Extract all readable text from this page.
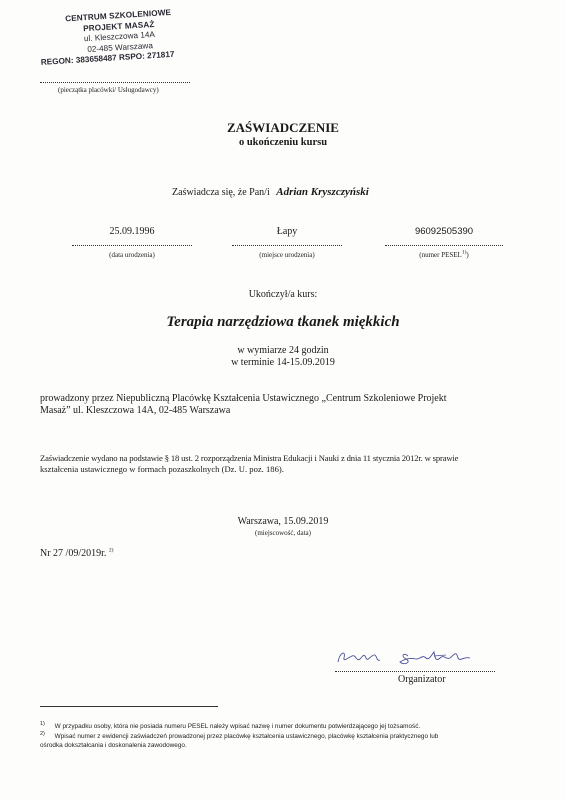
CENTRUM SZKOLENIOWE
PROJEKT MASAŻ
ul. Kleszczowa 14A
02-485 Warszawa
REGON: 383658487 RSPO: 271817
(pieczątka placówki/ Usługodawcy)
ZAŚWIADCZENIE
o ukończeniu kursu
Zaświadcza się, że Pan/i Adrian Kryszczyński
25.09.1996	Łapy	96092505390
(data urodzenia)	(miejsce urodzenia)	(numer PESEL$^{1)}$)
Ukończył/a kurs:
Terapia narzędziowa tkanek miękkich
w wymiarze 24 godzin
w terminie 14-15.09.2019
prowadzony przez Niepubliczną Placówkę Kształcenia Ustawicznego „Centrum Szkoleniowe Projekt
Masaż” ul. Kleszczowa 14A, 02-485 Warszawa
Zaświadczenie wydano na podstawie § 18 ust. 2 rozporządzenia Ministra Edukacji i Nauki z dnia 11 stycznia 2012r. w sprawie
kształcenia ustawicznego w formach pozaszkolnych (Dz. U. poz. 186).
Warszawa, 15.09.2019
(miejscowość, data)
Nr 27 /09/2019r. $^{2)}$
Organizator
$^{1)}$ W przypadku osoby, która nie posiada numeru PESEL należy wpisać nazwę i numer dokumentu potwierdzającego jej tożsamość.
$^{2)}$ Wpisać numer z ewidencji zaświadczeń prowadzonej przez placówkę kształcenia ustawicznego, placówkę kształcenia praktycznego lub
ośrodka dokształcania i doskonalenia zawodowego.
